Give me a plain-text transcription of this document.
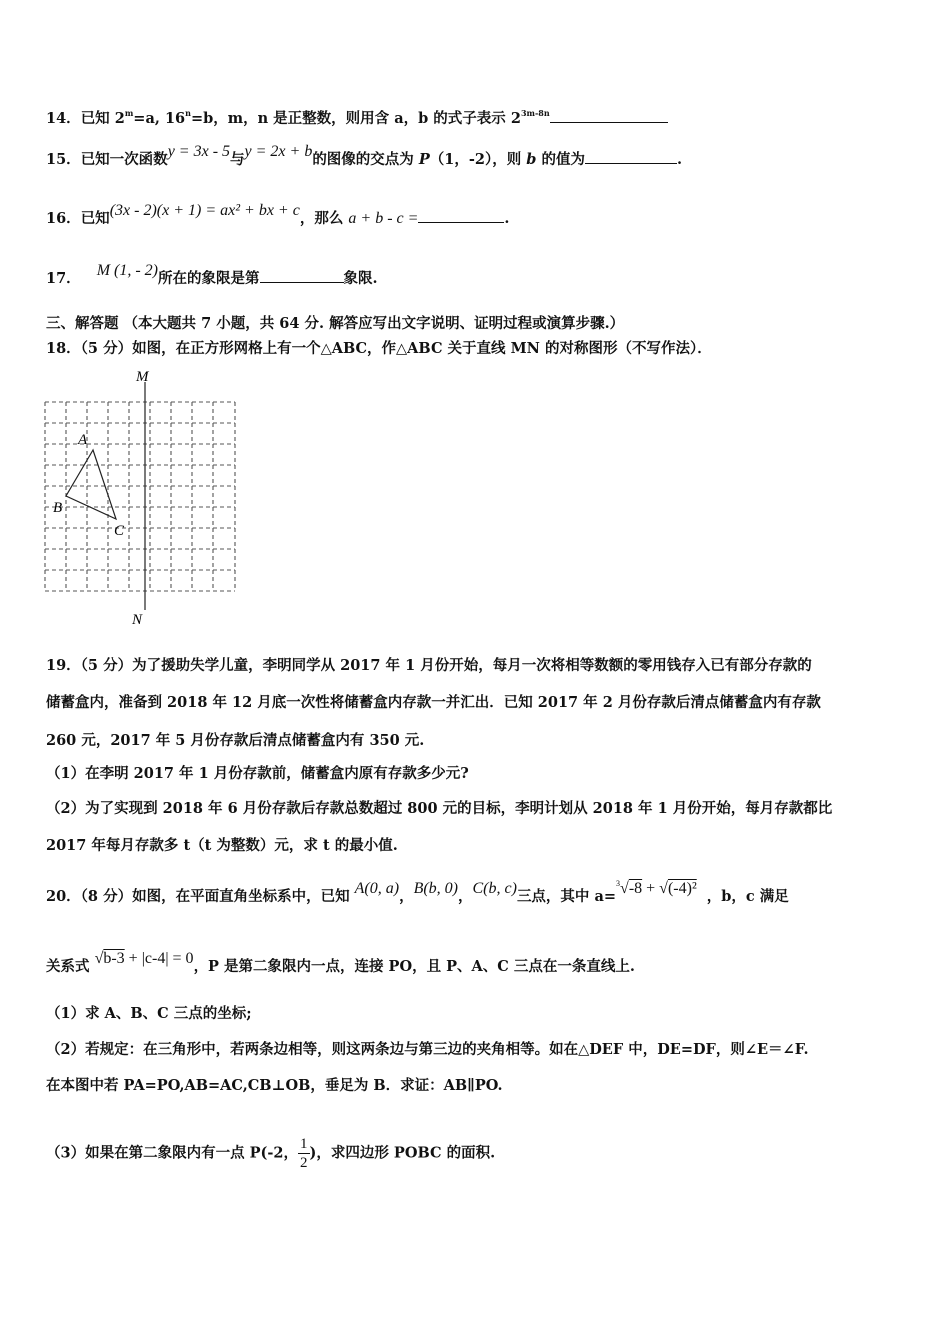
14．已知 $2^m=a$, $16^n=b$，m，n 是正整数，则用含 a，b 的式子表示 $2^{3m-8n}$
15．已知一次函数y = 3x - 5与y = 2x + b的图像的交点为 P（1，-2），则 b 的值为	.
16．已知(3x - 2)(x + 1) = ax² + bx + c，那么 a + b - c =	.
17． M (1, - 2)所在的象限是第	象限.
三、解答题 （本大题共 7 小题，共 64 分. 解答应写出文字说明、证明过程或演算步骤.）
18．（5 分）如图，在正方形网格上有一个△ABC，作△ABC 关于直线 MN 的对称图形（不写作法）．
M
N
A
B
C
19．（5 分）为了援助失学儿童，李明同学从 2017 年 1 月份开始，每月一次将相等数额的零用钱存入已有部分存款的
储蓄盒内，准备到 2018 年 12 月底一次性将储蓄盒内存款一并汇出．已知 2017 年 2 月份存款后清点储蓄盒内有存款
260 元，2017 年 5 月份存款后清点储蓄盒内有 350 元.
（1）在李明 2017 年 1 月份存款前，储蓄盒内原有存款多少元?
（2）为了实现到 2018 年 6 月份存款后存款总数超过 800 元的目标，李明计划从 2018 年 1 月份开始，每月存款都比
2017 年每月存款多 t（t 为整数）元，求 t 的最小值.
20．（8 分）如图，在平面直角坐标系中，已知 A(0, a)，B(b, 0)，C(b, c)三点，其中 a=$^3$√-8 + √(-4)² ，b，c 满足
关系式 √b-3 + |c-4| = 0，P 是第二象限内一点，连接 PO，且 P、A、C 三点在一条直线上.
（1）求 A、B、C 三点的坐标;
（2）若规定：在三角形中，若两条边相等，则这两条边与第三边的夹角相等。如在△DEF 中，DE=DF，则∠E＝∠F.
在本图中若 PA=PO,AB=AC,CB⊥OB，垂足为 B．求证：AB∥PO.
（3）如果在第二象限内有一点 P(-2， $\frac{1}{2}$ )，求四边形 POBC 的面积.
